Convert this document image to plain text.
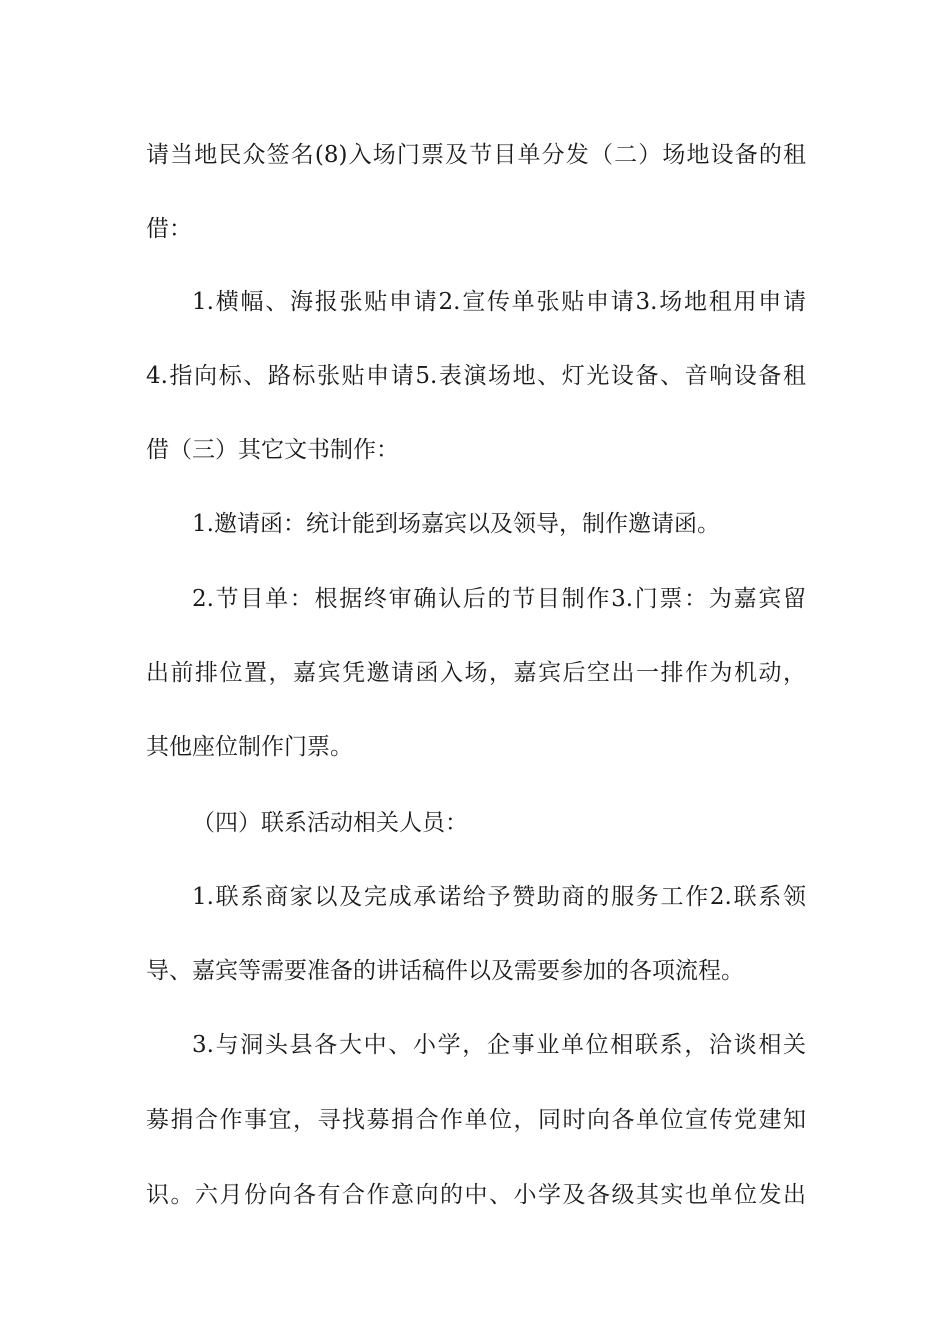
请当地民众签名(8)入场门票及节目单分发（二）场地设备的租
借：
1.横幅、海报张贴申请2.宣传单张贴申请3.场地租用申请
4.指向标、路标张贴申请5.表演场地、灯光设备、音响设备租
借（三）其它文书制作：
1.邀请函：统计能到场嘉宾以及领导，制作邀请函。
2.节目单：根据终审确认后的节目制作3.门票：为嘉宾留
出前排位置，嘉宾凭邀请函入场，嘉宾后空出一排作为机动，
其他座位制作门票。
（四）联系活动相关人员：
1.联系商家以及完成承诺给予赞助商的服务工作2.联系领
导、嘉宾等需要准备的讲话稿件以及需要参加的各项流程。
3.与洞头县各大中、小学，企事业单位相联系，洽谈相关
募捐合作事宜，寻找募捐合作单位，同时向各单位宣传党建知
识。六月份向各有合作意向的中、小学及各级其实也单位发出
